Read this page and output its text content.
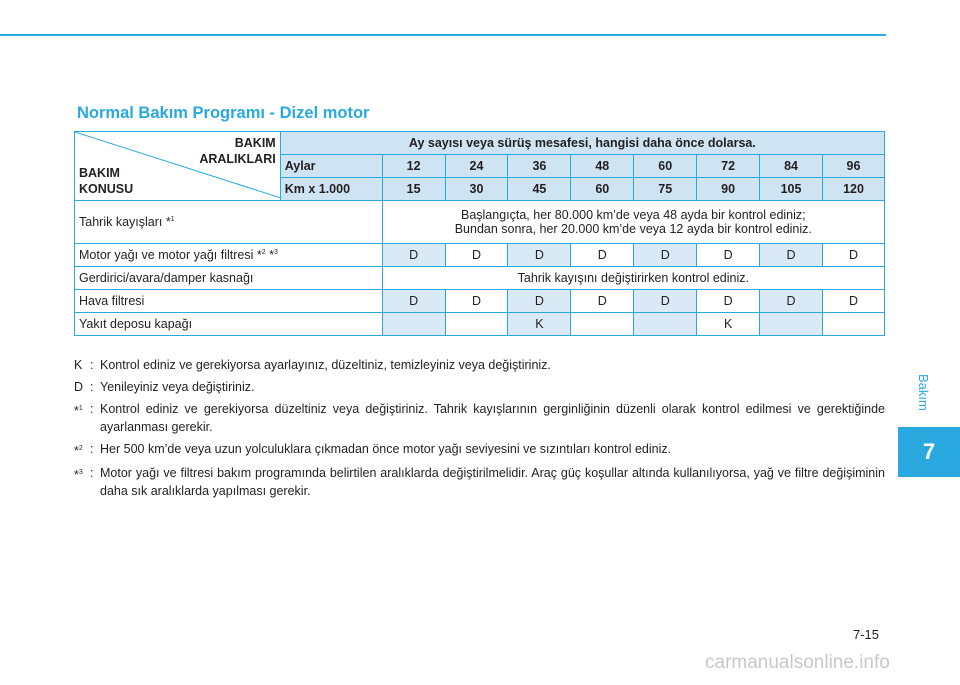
Normal Bakım Programı - Dizel motor
BAKIM
ARALIKLARI
BAKIM
KONUSU	Ay sayısı veya sürüş mesafesi, hangisi daha önce dolarsa.								
	Aylar	12	24	36	48	60	72	84	96
	Km x 1.000	15	30	45	60	75	90	105	120
Tahrik kayışları *$^1$		Başlangıçta, her 80.000 km’de veya 48 ayda bir kontrol ediniz;
Bundan sonra, her 20.000 km’de veya 12 ayda bir kontrol ediniz.							

Motor yağı ve motor yağı filtresi *$^2$ *$^3$		D	D	D	D	D	D	D	D
Gerdirici/avara/damper kasnağı		Tahrik kayışını değiştirirken kontrol ediniz.							
Hava filtresi		D	D	D	D	D	D	D	D
Yakıt deposu kapağı				K			K		
K : Kontrol ediniz ve gerekiyorsa ayarlayınız, düzeltiniz, temizleyiniz veya değiştiriniz.
D : Yenileyiniz veya değiştiriniz.
*$^1$ : Kontrol ediniz ve gerekiyorsa düzeltiniz veya değiştiriniz. Tahrik kayışlarının gerginliğinin düzenli olarak kontrol edilmesi ve gerektiğinde ayarlanması gerekir.
*$^2$ : Her 500 km’de veya uzun yolculuklara çıkmadan önce motor yağı seviyesini ve sızıntıları kontrol ediniz.
*$^3$ : Motor yağı ve filtresi bakım programında belirtilen aralıklarda değiştirilmelidir. Araç güç koşullar altında kullanılıyorsa, yağ ve filtre değişiminin daha sık aralıklarda yapılması gerekir.
Bakım
7
7-15
carmanualsonline.info
